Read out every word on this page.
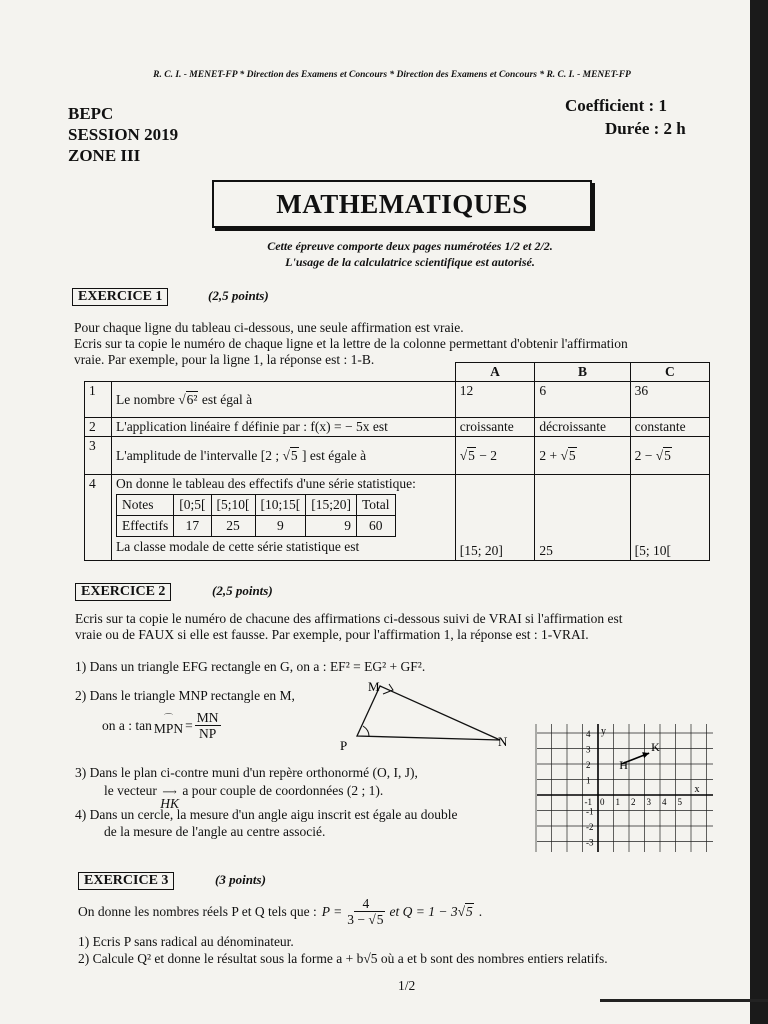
R. C. I. - MENET-FP * Direction des Examens et Concours * Direction des Examens et Concours * R. C. I. - MENET-FP
BEPC
SESSION 2019
ZONE III
Coefficient : 1
Durée : 2 h
MATHEMATIQUES
Cette épreuve comporte deux pages numérotées 1/2 et 2/2.
L'usage de la calculatrice scientifique est autorisé.
EXERCICE 1	(2,5 points)
Pour chaque ligne du tableau ci-dessous, une seule affirmation est vraie.
Ecris sur ta copie le numéro de chaque ligne et la lettre de la colonne permettant d'obtenir l'affirmation
vraie. Par exemple, pour la ligne 1, la réponse est : 1-B.
		A	B	C
1	Le nombre √6² est égal à	12	6	36
2	L'application linéaire f définie par : f(x) = − 5x est	croissante	décroissante	constante
3	L'amplitude de l'intervalle [2 ; √5 ] est égale à	√5 − 2	2 + √5	2 − √5
4	On donne le tableau des effectifs d'une série statistique:
Notes	[0;5[	[5;10[	[10;15[	[15;20]	Total
Effectifs	17	25	9	9	60
La classe modale de cette série statistique est	[15; 20]	25	[5; 10[
EXERCICE 2	(2,5 points)
Ecris sur ta copie le numéro de chacune des affirmations ci-dessous suivi de VRAI si l'affirmation est
vraie ou de FAUX si elle est fausse. Par exemple, pour l'affirmation 1, la réponse est : 1-VRAI.
1) Dans un triangle EFG rectangle en G, on a : EF² = EG² + GF².
2) Dans le triangle MNP rectangle en M,
on a : tan ⌒
MPN = $\frac{MN}{NP}$
M
P	N
3) Dans le plan ci-contre muni d'un repère orthonormé (O, I, J),
le vecteur ⟶
HK
a pour couple de coordonnées (2 ; 1).
4) Dans un cercle, la mesure d'un angle aigu inscrit est égale au double
de la mesure de l'angle au centre associé.
4
3
2
1
-1
-2
-3
-1 0 1 2 3 4 5
y
x
H
K
EXERCICE 3	(3 points)
On donne les nombres réels P et Q tels que : $P = \frac{4}{3 - √5}$ et Q = 1 − 3√5 .
1) Ecris P sans radical au dénominateur.
2) Calcule Q² et donne le résultat sous la forme a + b√5 où a et b sont des nombres entiers relatifs.
1/2
